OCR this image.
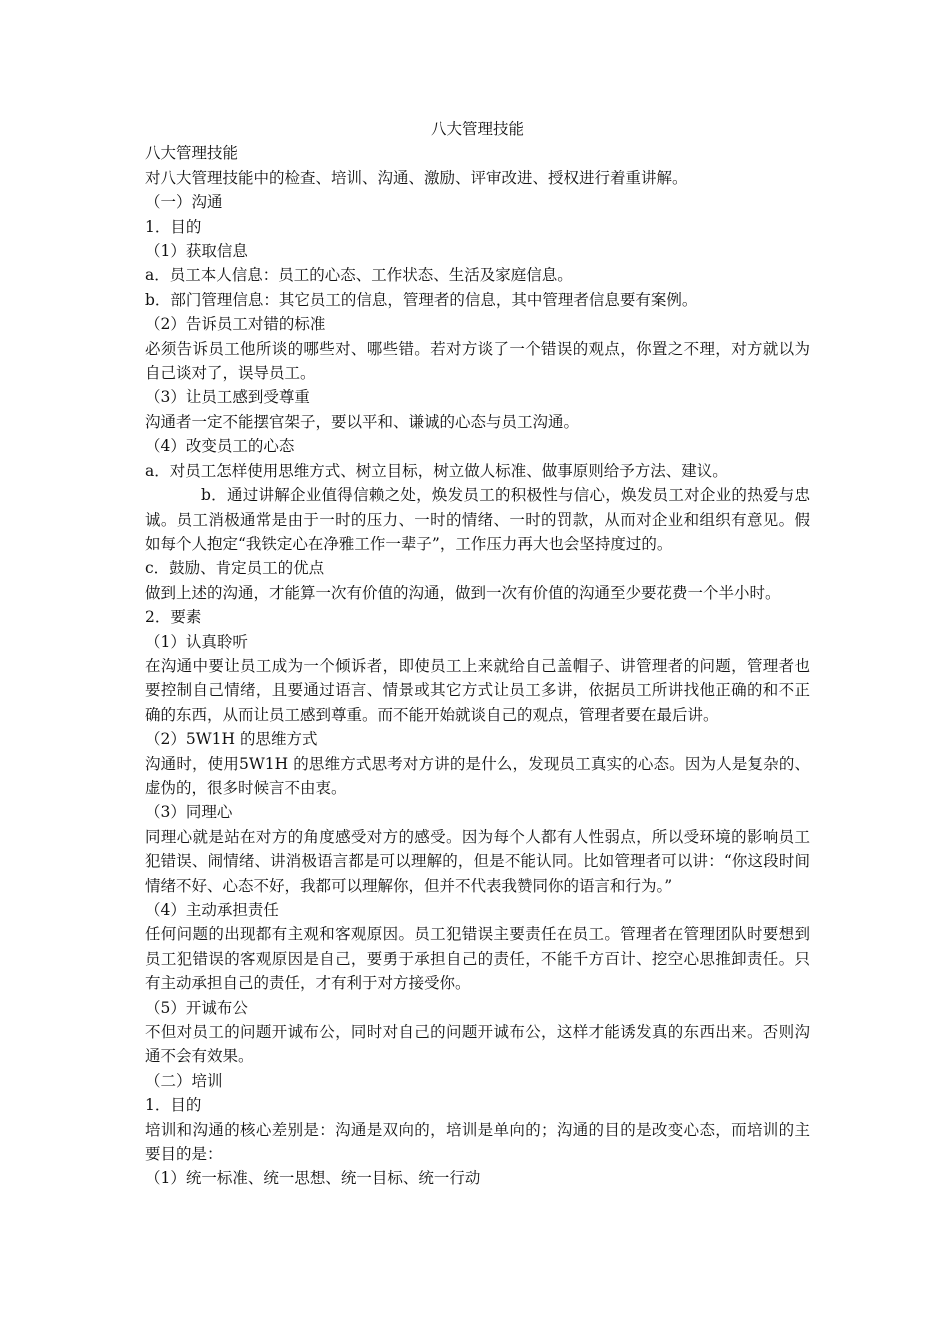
八大管理技能

八大管理技能

对八大管理技能中的检查、培训、沟通、激励、评审改进、授权进行着重讲解。

（一）沟通

1．目的

（1）获取信息

a．员工本人信息：员工的心态、工作状态、生活及家庭信息。

b．部门管理信息：其它员工的信息，管理者的信息，其中管理者信息要有案例。

（2）告诉员工对错的标准

必须告诉员工他所谈的哪些对、哪些错。若对方谈了一个错误的观点，你置之不理，对方就以为自己谈对了，误导员工。

（3）让员工感到受尊重

沟通者一定不能摆官架子，要以平和、谦诚的心态与员工沟通。

（4）改变员工的心态

a．对员工怎样使用思维方式、树立目标，树立做人标准、做事原则给予方法、建议。

b．通过讲解企业值得信赖之处，焕发员工的积极性与信心，焕发员工对企业的热爱与忠诚。员工消极通常是由于一时的压力、一时的情绪、一时的罚款，从而对企业和组织有意见。假如每个人抱定“我铁定心在净雅工作一辈子”，工作压力再大也会坚持度过的。

c．鼓励、肯定员工的优点

做到上述的沟通，才能算一次有价值的沟通，做到一次有价值的沟通至少要花费一个半小时。

2．要素

（1）认真聆听

在沟通中要让员工成为一个倾诉者，即使员工上来就给自己盖帽子、讲管理者的问题，管理者也要控制自己情绪，且要通过语言、情景或其它方式让员工多讲，依据员工所讲找他正确的和不正确的东西，从而让员工感到尊重。而不能开始就谈自己的观点，管理者要在最后讲。

（2）5W1H 的思维方式

沟通时，使用5W1H 的思维方式思考对方讲的是什么，发现员工真实的心态。因为人是复杂的、虚伪的，很多时候言不由衷。

（3）同理心

同理心就是站在对方的角度感受对方的感受。因为每个人都有人性弱点，所以受环境的影响员工犯错误、闹情绪、讲消极语言都是可以理解的，但是不能认同。比如管理者可以讲：“你这段时间情绪不好、心态不好，我都可以理解你，但并不代表我赞同你的语言和行为。”

（4）主动承担责任

任何问题的出现都有主观和客观原因。员工犯错误主要责任在员工。管理者在管理团队时要想到员工犯错误的客观原因是自己，要勇于承担自己的责任，不能千方百计、挖空心思推卸责任。只有主动承担自己的责任，才有利于对方接受你。

（5）开诚布公

不但对员工的问题开诚布公，同时对自己的问题开诚布公，这样才能诱发真的东西出来。否则沟通不会有效果。

（二）培训

1．目的

培训和沟通的核心差别是：沟通是双向的，培训是单向的；沟通的目的是改变心态，而培训的主要目的是：

（1）统一标准、统一思想、统一目标、统一行动
